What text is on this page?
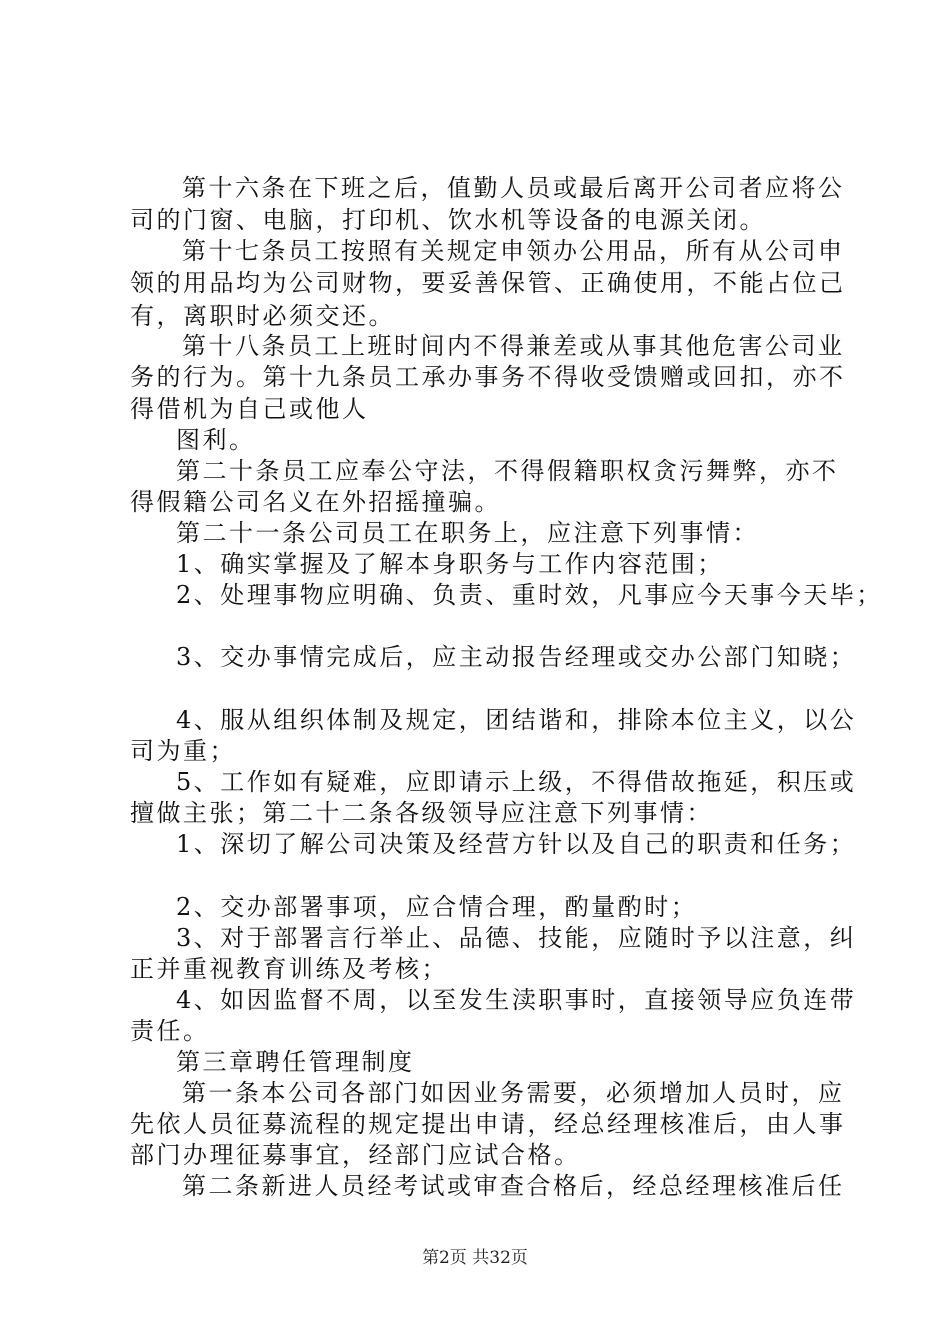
第十六条在下班之后，值勤人员或最后离开公司者应将公
司的门窗、电脑，打印机、饮水机等设备的电源关闭。
第十七条员工按照有关规定申领办公用品，所有从公司申
领的用品均为公司财物，要妥善保管、正确使用，不能占位己
有，离职时必须交还。
第十八条员工上班时间内不得兼差或从事其他危害公司业
务的行为。第十九条员工承办事务不得收受馈赠或回扣，亦不
得借机为自己或他人
图利。
第二十条员工应奉公守法，不得假籍职权贪污舞弊，亦不
得假籍公司名义在外招摇撞骗。
第二十一条公司员工在职务上，应注意下列事情：
1、确实掌握及了解本身职务与工作内容范围；
2、处理事物应明确、负责、重时效，凡事应今天事今天毕；
3、交办事情完成后，应主动报告经理或交办公部门知晓；
4、服从组织体制及规定，团结谐和，排除本位主义，以公
司为重；
5、工作如有疑难，应即请示上级，不得借故拖延，积压或
擅做主张；第二十二条各级领导应注意下列事情：
1、深切了解公司决策及经营方针以及自己的职责和任务；
2、交办部署事项，应合情合理，酌量酌时；
3、对于部署言行举止、品德、技能，应随时予以注意，纠
正并重视教育训练及考核；
4、如因监督不周，以至发生渎职事时，直接领导应负连带
责任。
第三章聘任管理制度
第一条本公司各部门如因业务需要，必须增加人员时，应
先依人员征募流程的规定提出申请，经总经理核准后，由人事
部门办理征募事宜，经部门应试合格。
第二条新进人员经考试或审查合格后，经总经理核准后任
第2页 共32页
